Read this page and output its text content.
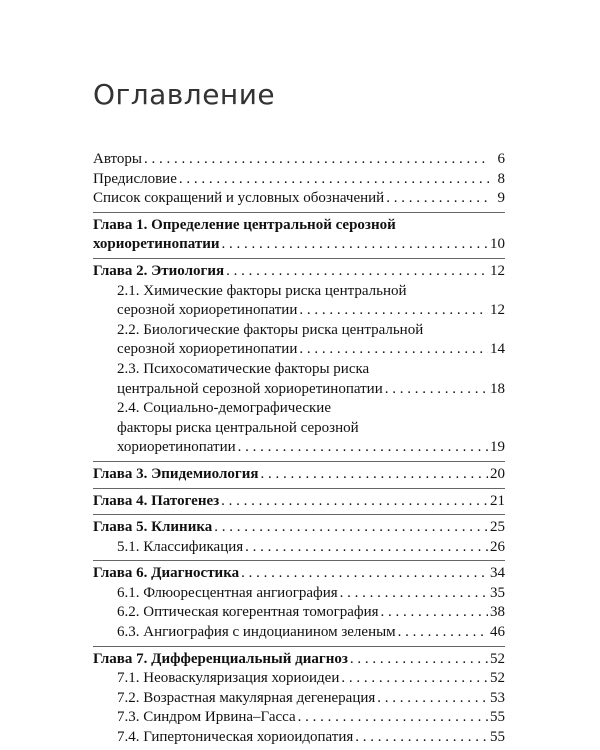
Оглавление
Авторы . . .	6
Предисловие . . .	8
Список сокращений и условных обозначений . . .	9
Глава 1. Определение центральной серозной
хориоретинопатии . . .	10
Глава 2. Этиология . . .	12
2.1. Химические факторы риска центральной
серозной хориоретинопатии . . .	12
2.2. Биологические факторы риска центральной
серозной хориоретинопатии . . .	14
2.3. Психосоматические факторы риска
центральной серозной хориоретинопатии . . .	18
2.4. Социально-демографические
факторы риска центральной серозной
хориоретинопатии . . .	19
Глава 3. Эпидемиология . . .	20
Глава 4. Патогенез . . .	21
Глава 5. Клиника . . .	25
5.1. Классификация . . .	26
Глава 6. Диагностика . . .	34
6.1. Флюоресцентная ангиография . . .	35
6.2. Оптическая когерентная томография . . .	38
6.3. Ангиография с индоцианином зеленым . . .	46
Глава 7. Дифференциальный диагноз . . .	52
7.1. Неоваскуляризация хориоидеи . . .	52
7.2. Возрастная макулярная дегенерация . . .	53
7.3. Синдром Ирвина–Гасса . . .	55
7.4. Гипертоническая хориоидопатия . . .	55
